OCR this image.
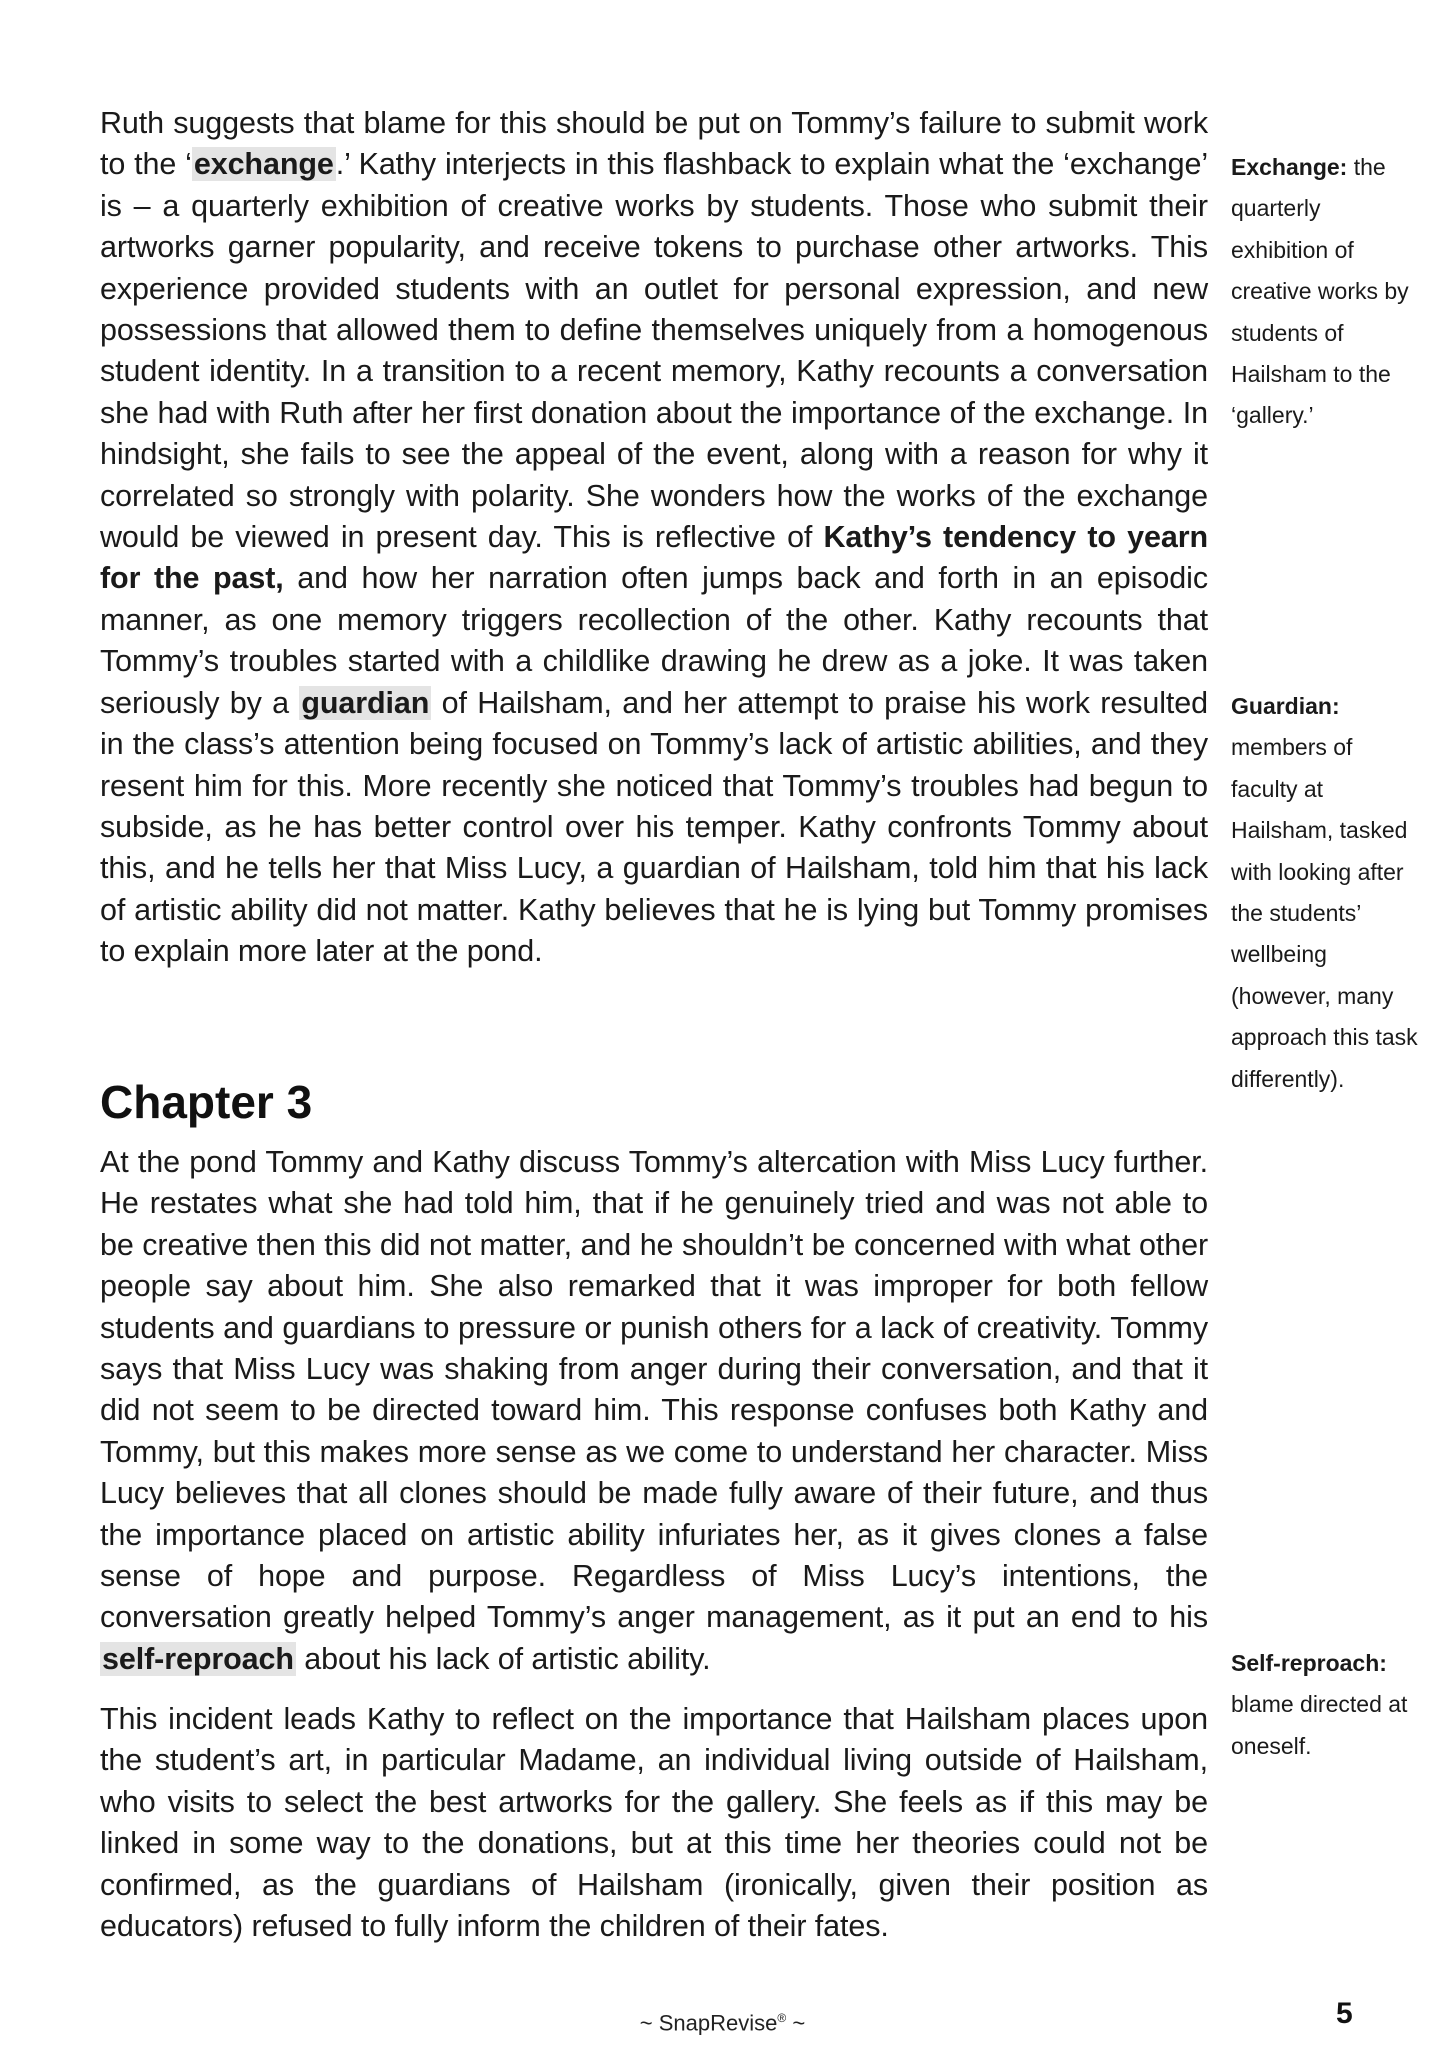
Ruth suggests that blame for this should be put on Tommy’s failure to submit work to the ‘exchange.’ Kathy interjects in this flashback to explain what the ‘exchange’ is – a quarterly exhibition of creative works by students. Those who submit their artworks garner popularity, and receive tokens to purchase other artworks. This experience provided students with an outlet for personal expression, and new possessions that allowed them to define themselves uniquely from a homogenous student identity. In a transition to a recent memory, Kathy recounts a conversation she had with Ruth after her first donation about the importance of the exchange. In hindsight, she fails to see the appeal of the event, along with a reason for why it correlated so strongly with polarity. She wonders how the works of the exchange would be viewed in present day. This is reflective of Kathy’s tendency to yearn for the past, and how her narration often jumps back and forth in an episodic manner, as one memory triggers recollection of the other. Kathy recounts that Tommy’s troubles started with a childlike drawing he drew as a joke. It was taken seriously by a guardian of Hailsham, and her attempt to praise his work resulted in the class’s attention being focused on Tommy’s lack of artistic abilities, and they resent him for this. More recently she noticed that Tommy’s troubles had begun to subside, as he has better control over his temper. Kathy confronts Tommy about this, and he tells her that Miss Lucy, a guardian of Hailsham, told him that his lack of artistic ability did not matter. Kathy believes that he is lying but Tommy promises to explain more later at the pond.

Chapter 3

At the pond Tommy and Kathy discuss Tommy’s altercation with Miss Lucy further. He restates what she had told him, that if he genuinely tried and was not able to be creative then this did not matter, and he shouldn’t be concerned with what other people say about him. She also remarked that it was improper for both fellow students and guardians to pressure or punish others for a lack of creativity. Tommy says that Miss Lucy was shaking from anger during their conversation, and that it did not seem to be directed toward him. This response confuses both Kathy and Tommy, but this makes more sense as we come to understand her character. Miss Lucy believes that all clones should be made fully aware of their future, and thus the importance placed on artistic ability infuriates her, as it gives clones a false sense of hope and purpose. Regardless of Miss Lucy’s intentions, the conversation greatly helped Tommy’s anger management, as it put an end to his self-reproach about his lack of artistic ability.

This incident leads Kathy to reflect on the importance that Hailsham places upon the student’s art, in particular Madame, an individual living outside of Hailsham, who visits to select the best artworks for the gallery. She feels as if this may be linked in some way to the donations, but at this time her theories could not be confirmed, as the guardians of Hailsham (ironically, given their position as educators) refused to fully inform the children of their fates.

Exchange: the quarterly exhibition of creative works by students of Hailsham to the ‘gallery.’
Guardian: members of faculty at Hailsham, tasked with looking after the students’ wellbeing (however, many approach this task differently).
Self-reproach: blame directed at oneself.
~ SnapRevise® ~	5
